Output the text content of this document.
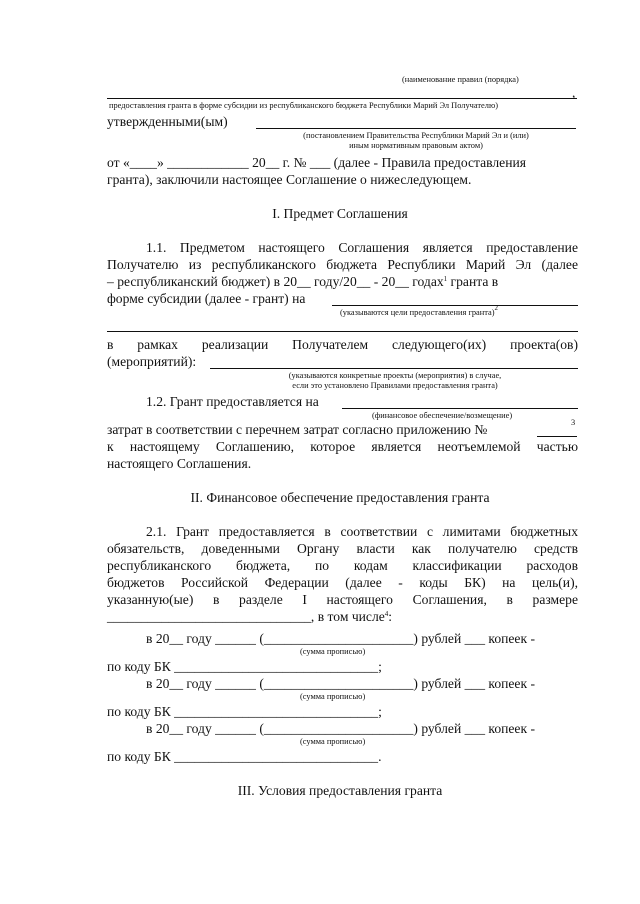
(наименование правил (порядка)
,
предоставления гранта в форме субсидии из республиканского бюджета Республики Марий Эл Получателю)
утвержденными(ым)
(постановлением Правительства Республики Марий Эл и (или)
иным нормативным правовым актом)
от «____» ____________ 20__ г. № ___ (далее - Правила предоставления
гранта), заключили настоящее Соглашение о нижеследующем.
I. Предмет Соглашения
1.1. Предметом настоящего Соглашения является предоставление
Получателю из республиканского бюджета Республики Марий Эл (далее
– республиканский бюджет) в 20__ году/20__ - 20__ годах$^1$ гранта в
форме субсидии (далее - грант) на
(указываются цели предоставления гранта)$^2$
в рамках реализации Получателем следующего(их) проекта(ов)
(мероприятий):
(указываются конкретные проекты (мероприятия) в случае,
если это установлено Правилами предоставления гранта)
1.2. Грант предоставляется на
(финансовое обеспечение/возмещение)
затрат в соответствии с перечнем затрат согласно приложению №	3
к настоящему Соглашению, которое является неотъемлемой частью
настоящего Соглашения.
II. Финансовое обеспечение предоставления гранта
2.1. Грант предоставляется в соответствии с лимитами бюджетных
обязательств, доведенными Органу власти как получателю средств
республиканского бюджета, по кодам классификации расходов
бюджетов Российской Федерации (далее - коды БК) на цель(и),
указанную(ые) в разделе I настоящего Соглашения, в размере
______________________________, в том числе$^4$:
в 20__ году ______ (______________________) рублей ___ копеек -
(сумма прописью)
по коду БК ______________________________;
в 20__ году ______ (______________________) рублей ___ копеек -
(сумма прописью)
по коду БК ______________________________;
в 20__ году ______ (______________________) рублей ___ копеек -
(сумма прописью)
по коду БК ______________________________.
III. Условия предоставления гранта
